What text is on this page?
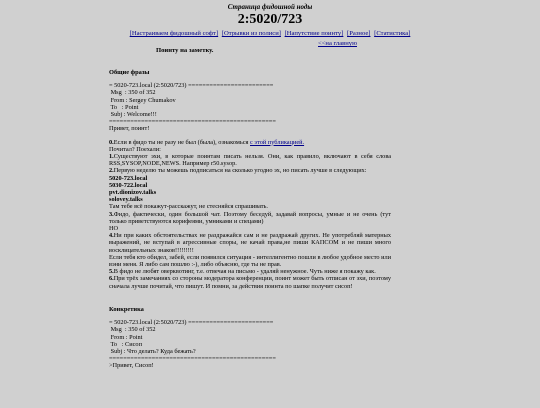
Страница фидошной ноды
2:5020/723
[Настраиваем фидошный софт] [Отрывки из полиси] [Напутствие поинту] [Разное] [Статистика]
<<на главную
Поинту на заметку.
Общие фразы
= 5020-723.local (2:5020/723) ========================
Msg  : 350 of 352
From : Sergey Chumakov
To   : Point
Subj : Welcome!!!
===============================================
Привет, поинт!
0.Если в фидо ты не разу не был (была), ознакомься с этой публикацией.
Почитал? Поехали:
1.Существуют эхи, в которые поинтам писать нельзя. Они, как правило, включают в себя слова RSS,SYSOP,NODE,NEWS. Например r50.sysop.
2.Первую неделю ты можешь подписаться на сколько угодно эх, но писать лучше в следующих:
5020-723.local
5030-722.local
pvt.dionizov.talks
solovey.talks
Там тебе всё покажут-расскажут, не стесняйся спрашивать.
3.Фидо, фактически, один большой чат. Поэтому беседуй, задавай вопросы, умные и не очень (тут только приветствуются корифеями, умниками и спецами)
НО
4.Ни при каких обстоятельствах не раздражайся сам и не раздражай других. Не употребляй матерных выражений, не вступай в агрессивные споры, не качай права,не пиши КАПСОМ и не пиши много восклицательных знаков!!!!!!!!!
Если тебя кто обидел, забей, если появился ситуация - интеллигентно пошли в любое удобное место или вэни меня. Я либо сам пошлю :-), либо объясню, где ты не прав.
5.В фидо не любят оверквотинг, т.е. отвечая на письмо - удаляй ненужное. Чуть ниже я покажу как.
6.При трёх замечаниях со стороны модератора конференции, поинт может быть отписан от эхи, поэтому сначала лучше почитай, что пишут. И помни, за действия поинта по шапке получит сисоп!
Конкретика
= 5020-723.local (2:5020/723) ========================
Msg  : 350 of 352
From : Point
To   : Сисоп
Subj : Что делать? Куда бежать?
===============================================
>Привет, Сисоп!
